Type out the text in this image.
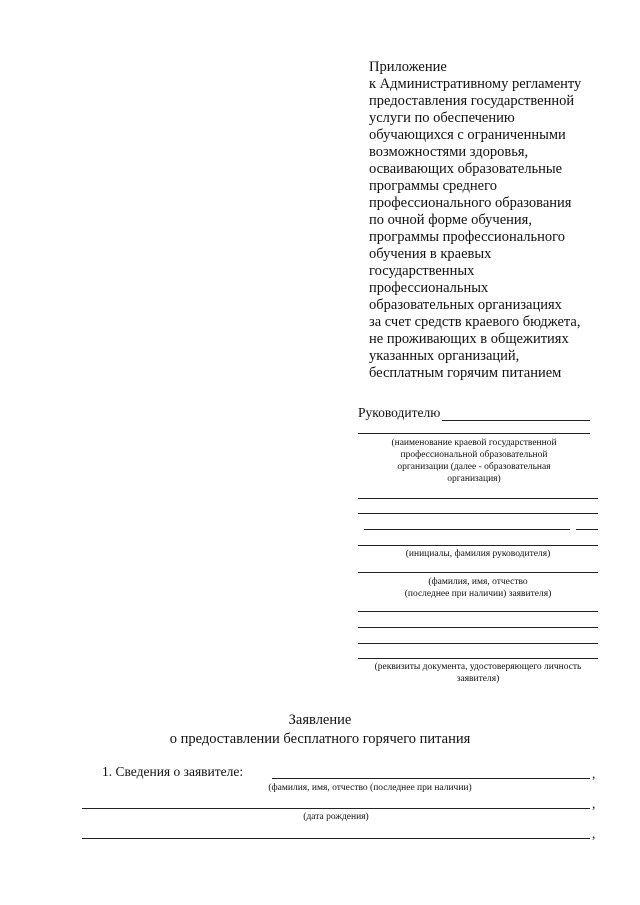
Приложение
к Административному регламенту
предоставления государственной
услуги по обеспечению
обучающихся с ограниченными
возможностями здоровья,
осваивающих образовательные
программы среднего
профессионального образования
по очной форме обучения,
программы профессионального
обучения в краевых
государственных
профессиональных
образовательных организациях
за счет средств краевого бюджета,
не проживающих в общежитиях
указанных организаций,
бесплатным горячим питанием
Руководителю
(наименование краевой государственной
профессиональной образовательной
организации (далее - образовательная
организация)
(инициалы, фамилия руководителя)
(фамилия, имя, отчество
(последнее при наличии) заявителя)
(реквизиты документа, удостоверяющего личность
заявителя)
Заявление
о предоставлении бесплатного горячего питания
1. Сведения о заявителе:	,
(фамилия, имя, отчество (последнее при наличии)
,
(дата рождения)
,
